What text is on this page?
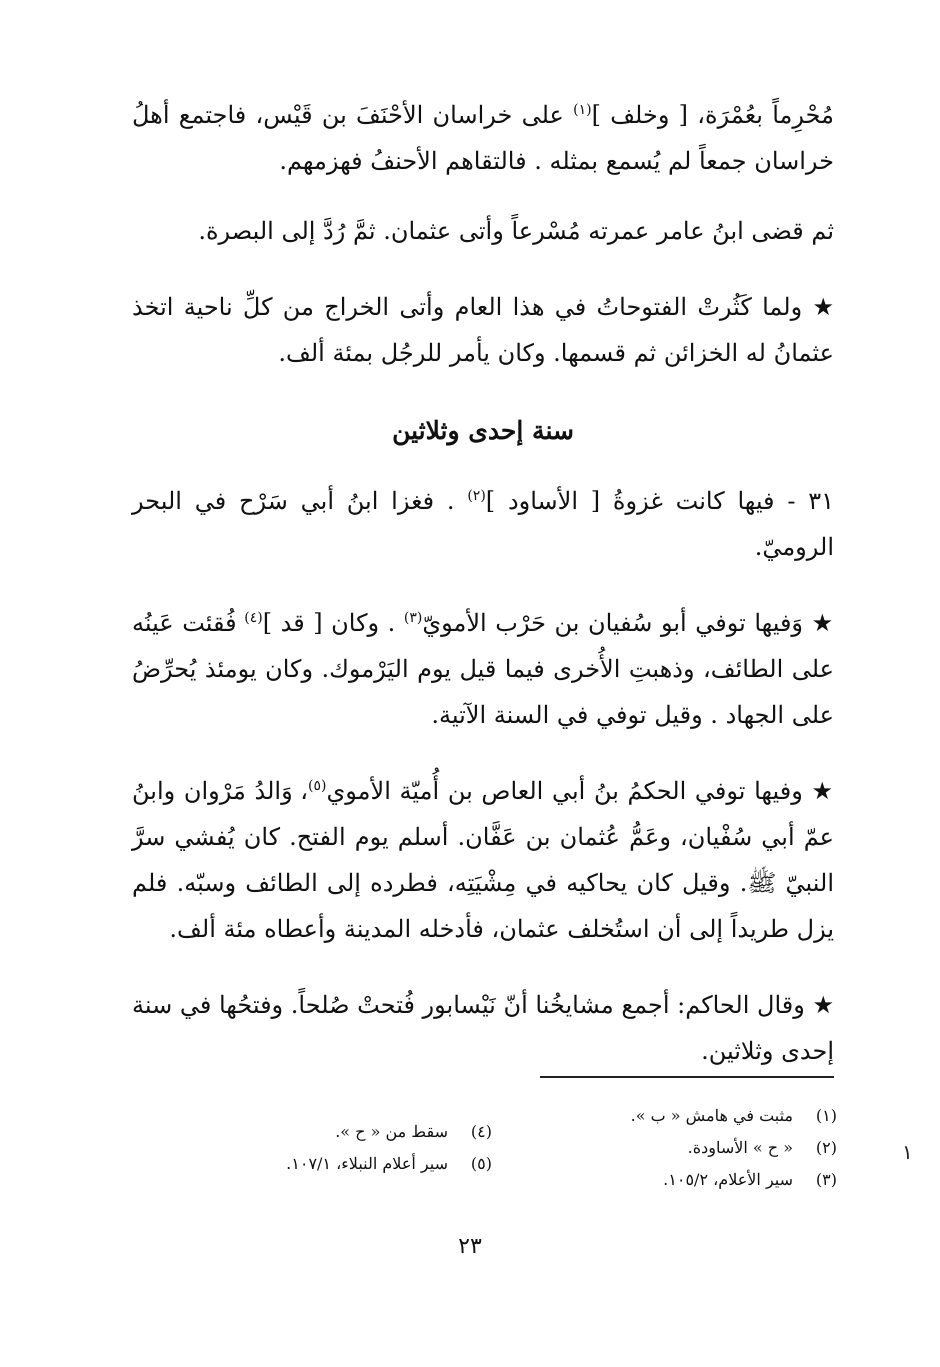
مُحْرِماً بعُمْرَة، [ وخلف ]$^{(١)}$ على خراسان الأحْنَفَ بن قَيْس، فاجتمع أهلُ خراسان جمعاً لم يُسمع بمثله . فالتقاهم الأحنفُ فهزمهم.

ثم قضى ابنُ عامر عمرته مُسْرعاً وأتى عثمان. ثمَّ رُدَّ إلى البصرة.

★ ولما كَثُرتْ الفتوحاتُ في هذا العام وأتى الخراج من كلِّ ناحية اتخذ عثمانُ له الخزائن ثم قسمها. وكان يأمر للرجُل بمئة ألف.

سنة إحدى وثلاثين

٣١ - فيها كانت غزوةُ [ الأساود ]$^{(٢)}$ . فغزا ابنُ أبي سَرْح في البحر الروميّ.

★ وَفيها توفي أبو سُفيان بن حَرْب الأمويّ$^{(٣)}$ . وكان [ قد ]$^{(٤)}$ فُقئت عَينُه على الطائف، وذهبتِ الأُخرى فيما قيل يوم اليَرْموك. وكان يومئذ يُحرِّضُ على الجهاد . وقيل توفي في السنة الآتية.

★ وفيها توفي الحكمُ بنُ أبي العاص بن أُميّة الأموي$^{(٥)}$، وَالدُ مَرْوان وابنُ عمّ أبي سُفْيان، وعَمُّ عُثمان بن عَفَّان. أسلم يوم الفتح. كان يُفشي سرَّ النبيّ ﷺ. وقيل كان يحاكيه في مِشْيَتِه، فطرده إلى الطائف وسبّه. فلم يزل طريداً إلى أن استُخلف عثمان، فأدخله المدينة وأعطاه مئة ألف.

★ وقال الحاكم: أجمع مشايخُنا أنّ نَيْسابور فُتحتْ صُلحاً. وفتحُها في سنة إحدى وثلاثين.

(١)مثبت في هامش « ب ».
(٢)« ح » الأساودة.
(٣)سير الأعلام، ١٠٥/٢.
(٤)سقط من « ح ».
(٥)سير أعلام النبلاء، ١٠٧/١.	١
٢٣
